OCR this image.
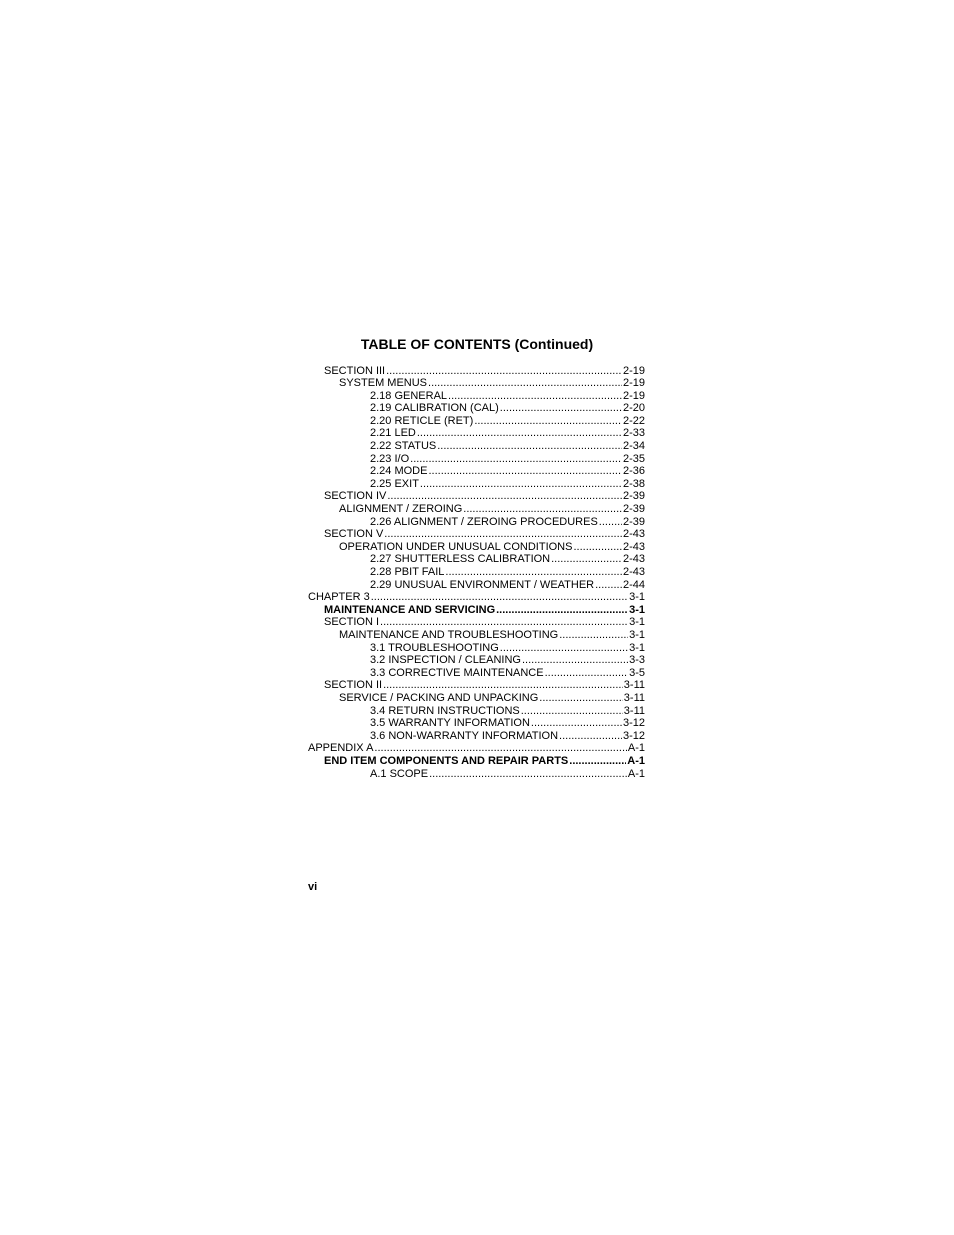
TABLE OF CONTENTS (Continued)
SECTION III .....	2-19
SYSTEM MENUS .....	2-19
2.18 GENERAL .....	2-19
2.19 CALIBRATION (CAL) .....	2-20
2.20 RETICLE (RET) .....	2-22
2.21 LED .....	2-33
2.22 STATUS .....	2-34
2.23 I/O .....	2-35
2.24 MODE .....	2-36
2.25 EXIT .....	2-38
SECTION IV .....	2-39
ALIGNMENT / ZEROING .....	2-39
2.26 ALIGNMENT / ZEROING PROCEDURES ..... 2-39
SECTION V .....	2-43
OPERATION UNDER UNUSUAL CONDITIONS .....	2-43
2.27 SHUTTERLESS CALIBRATION .....	2-43
2.28 PBIT FAIL .....	2-43
2.29 UNUSUAL ENVIRONMENT / WEATHER .....	2-44
CHAPTER 3 .....	3-1
MAINTENANCE AND SERVICING .....	3-1
SECTION I .....	3-1
MAINTENANCE AND TROUBLESHOOTING .....	3-1
3.1 TROUBLESHOOTING .....	3-1
3.2 INSPECTION / CLEANING .....	3-3
3.3 CORRECTIVE MAINTENANCE .....	3-5
SECTION II .....	3-11
SERVICE / PACKING AND UNPACKING .....	3-11
3.4 RETURN INSTRUCTIONS .....	3-11
3.5 WARRANTY INFORMATION .....	3-12
3.6 NON-WARRANTY INFORMATION .....	3-12
APPENDIX A .....	A-1
END ITEM COMPONENTS AND REPAIR PARTS .....	A-1
A.1 SCOPE .....	A-1
vi
